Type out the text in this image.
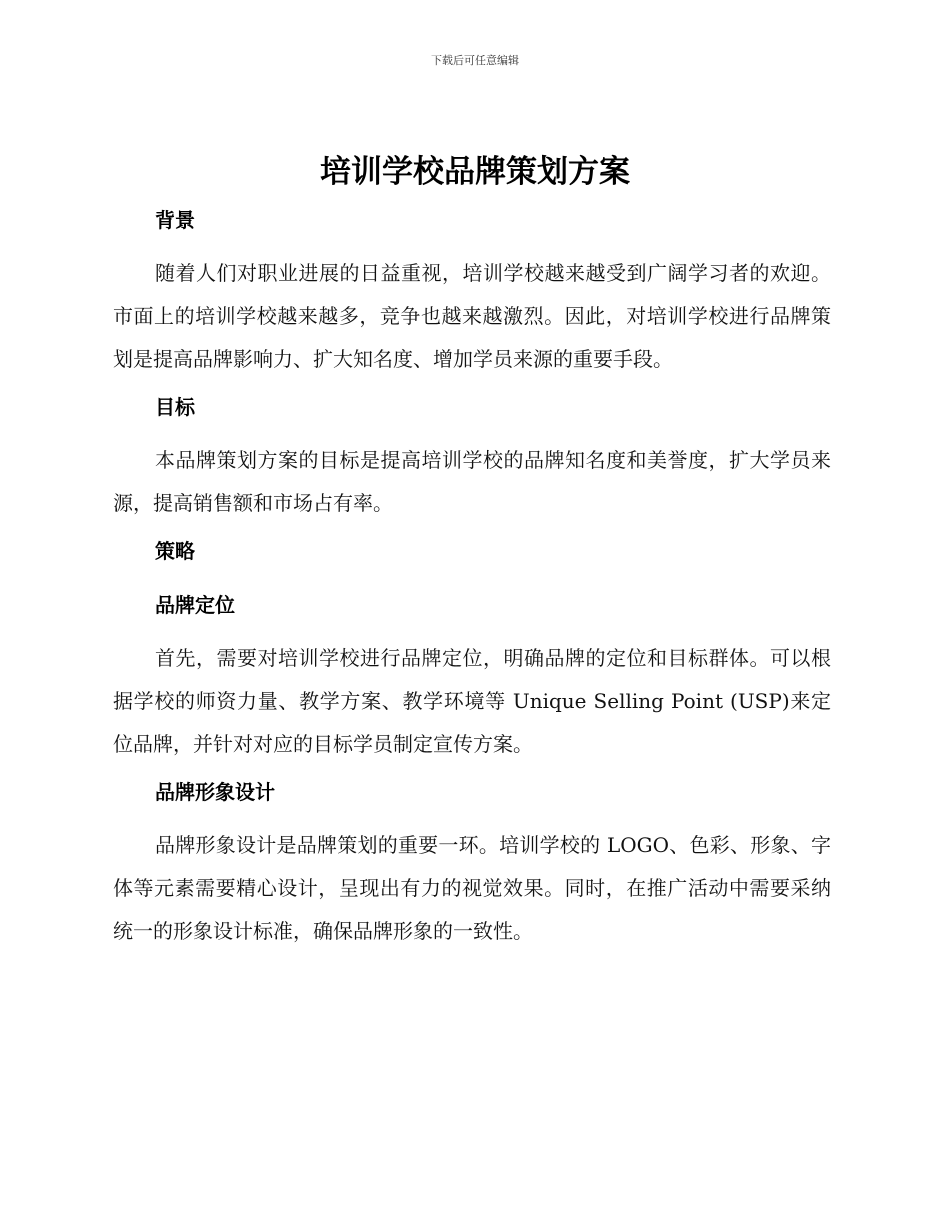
下载后可任意编辑
培训学校品牌策划方案
背景

随着人们对职业进展的日益重视，培训学校越来越受到广阔学习者的欢迎。市面上的培训学校越来越多，竞争也越来越激烈。因此，对培训学校进行品牌策划是提高品牌影响力、扩大知名度、增加学员来源的重要手段。

目标

本品牌策划方案的目标是提高培训学校的品牌知名度和美誉度，扩大学员来源，提高销售额和市场占有率。

策略
品牌定位

首先，需要对培训学校进行品牌定位，明确品牌的定位和目标群体。可以根据学校的师资力量、教学方案、教学环境等 Unique Selling Point (USP)来定位品牌，并针对对应的目标学员制定宣传方案。

品牌形象设计

品牌形象设计是品牌策划的重要一环。培训学校的 LOGO、色彩、形象、字体等元素需要精心设计，呈现出有力的视觉效果。同时，在推广活动中需要采纳统一的形象设计标准，确保品牌形象的一致性。
